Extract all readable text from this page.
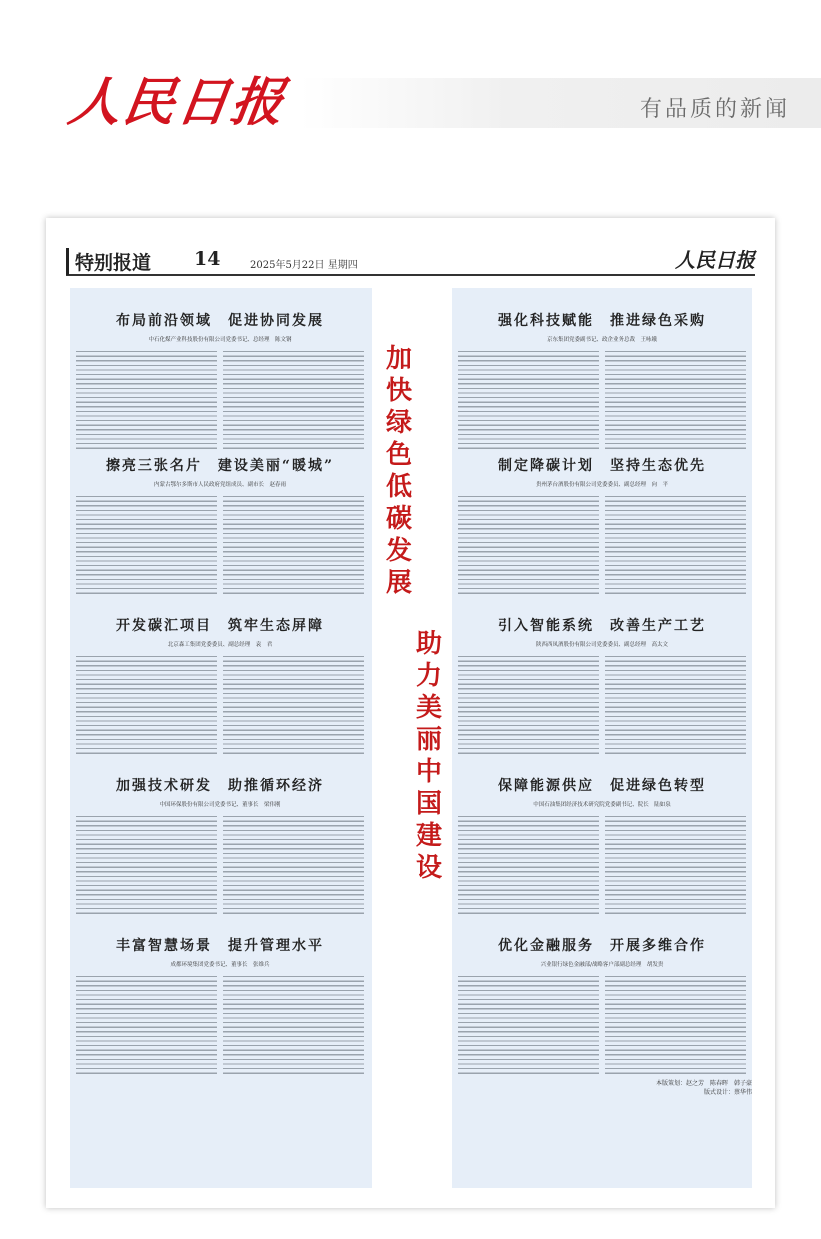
人民日报	有品质的新闻
特别报道 14	2025年5月22日 星期四	人民日报
布局前沿领域　促进协同发展
中石化煤产业科技股份有限公司党委书记、总经理　陈文钢
擦亮三张名片　建设美丽“暖城”
内蒙古鄂尔多斯市人民政府党组成员、副市长　赵春雨
开发碳汇项目　筑牢生态屏障
北京森工集团党委委员、副总经理　袁　君
加强技术研发　助推循环经济
中国环保股份有限公司党委书记、董事长　梁伟刚
丰富智慧场景　提升管理水平
成都环境集团党委书记、董事长　张维兵
加快绿色低碳发展
助力美丽中国建设
强化科技赋能　推进绿色采购
京东集团党委副书记、政企业务总裁　王咏娥
制定降碳计划　坚持生态优先
贵州茅台酒股份有限公司党委委员、副总经理　向　平
引入智能系统　改善生产工艺
陕西西凤酒股份有限公司党委委员、副总经理　高太文
保障能源供应　促进绿色转型
中国石油集团经济技术研究院党委副书记、院长　陆如泉
优化金融服务　开展多维合作
兴业银行绿色金融部/战略客户部副总经理　胡发贵
本版策划：赵之芳　陈春晖　韩子豪
版式设计：蔡华伟
